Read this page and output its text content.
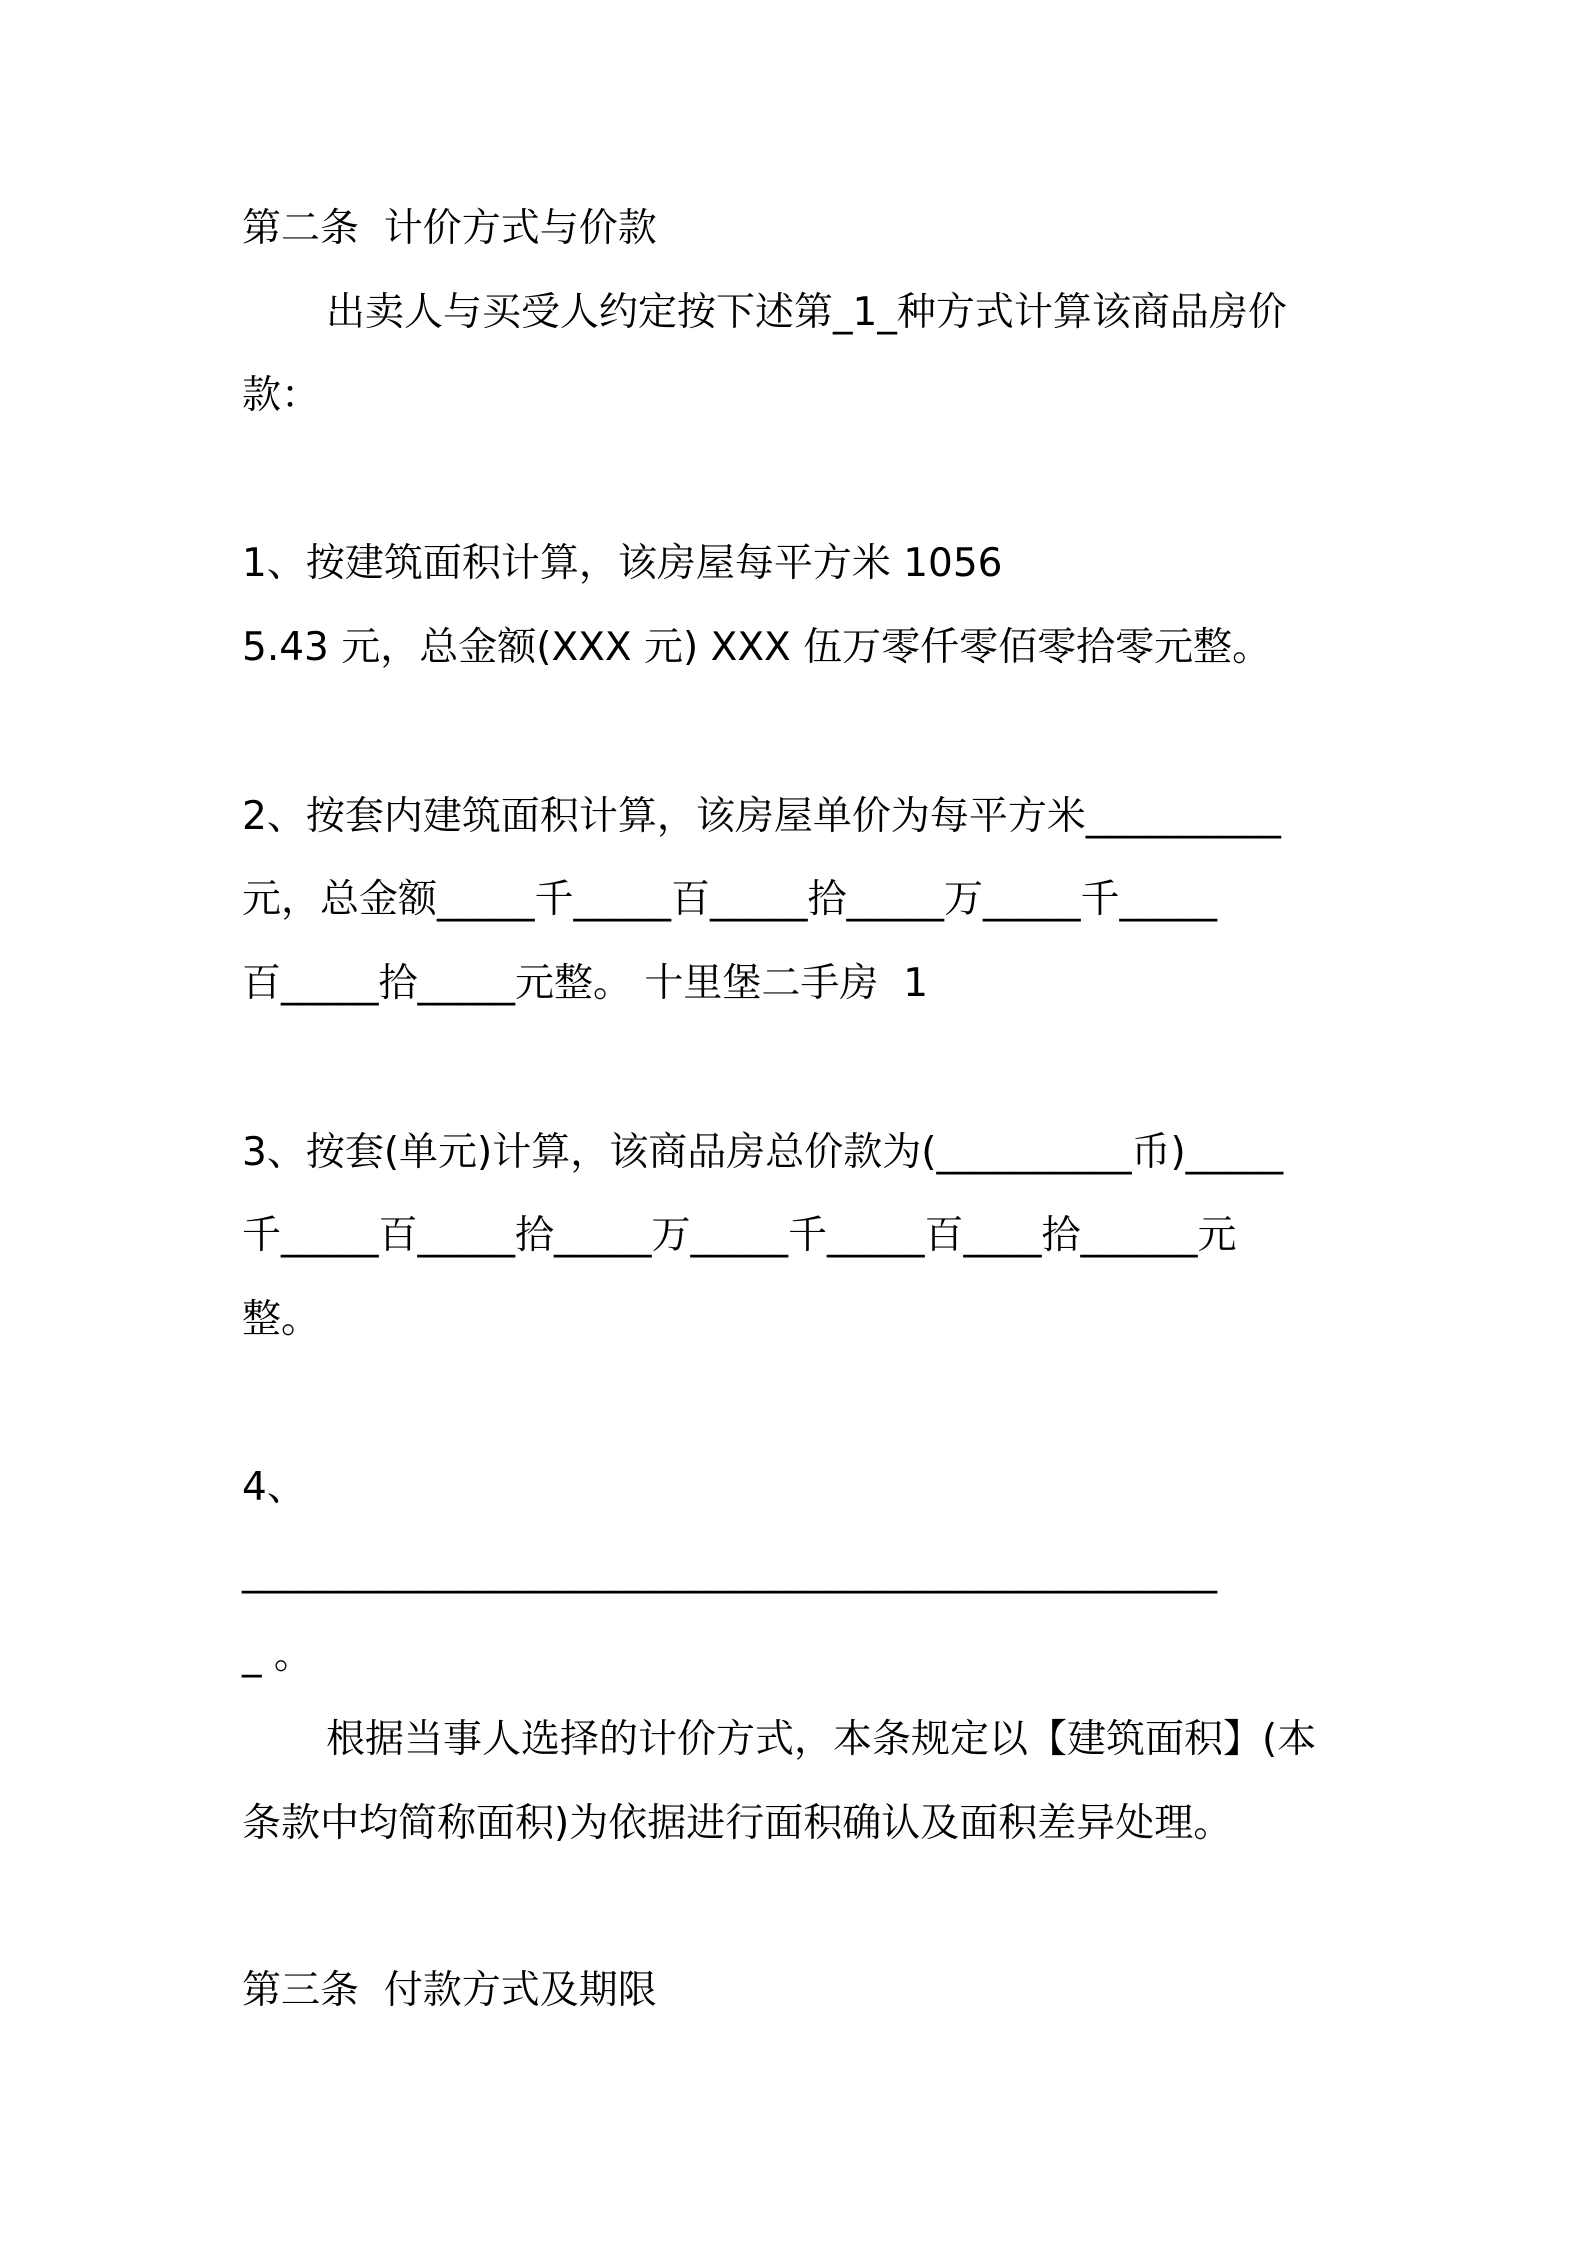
第二条  计价方式与价款
出卖人与买受人约定按下述第_1_种方式计算该商品房价
款：
1、按建筑面积计算，该房屋每平方米 1056
5.43 元，总金额(XXX 元) XXX 伍万零仟零佰零拾零元整。
2、按套内建筑面积计算，该房屋单价为每平方米__________
元，总金额_____千_____百_____拾_____万_____千_____
百_____拾_____元整。 十里堡二手房  1
3、按套(单元)计算，该商品房总价款为(__________币)_____
千_____百_____拾_____万_____千_____百____拾______元
整。
4、
__________________________________________________
_ 。
根据当事人选择的计价方式，本条规定以【建筑面积】(本
条款中均简称面积)为依据进行面积确认及面积差异处理。
第三条  付款方式及期限
